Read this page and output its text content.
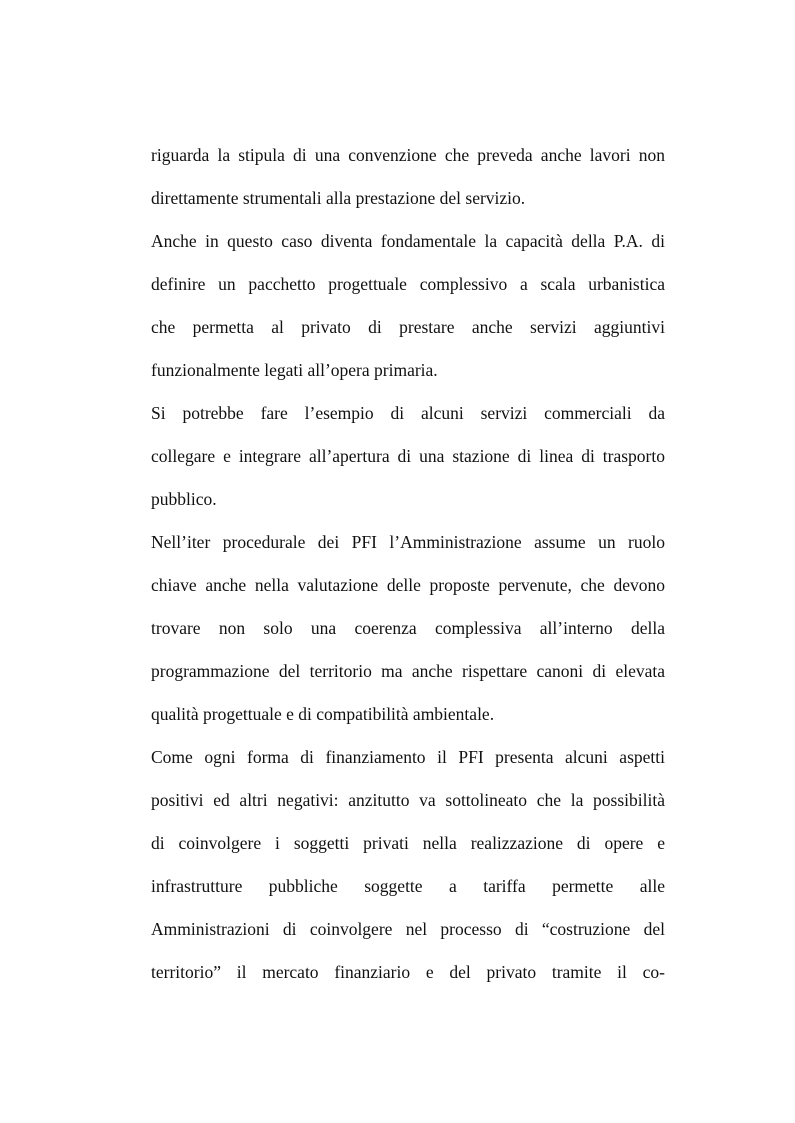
riguarda la stipula di una convenzione che preveda anche lavori non
direttamente strumentali alla prestazione del servizio.
Anche in questo caso diventa fondamentale la capacità della P.A. di
definire un pacchetto progettuale complessivo a scala urbanistica
che permetta al privato di prestare anche servizi aggiuntivi
funzionalmente legati all’opera primaria.
Si potrebbe fare l’esempio di alcuni servizi commerciali da
collegare e integrare all’apertura di una stazione di linea di trasporto
pubblico.
Nell’iter procedurale dei PFI l’Amministrazione assume un ruolo
chiave anche nella valutazione delle proposte pervenute, che devono
trovare non solo una coerenza complessiva all’interno della
programmazione del territorio ma anche rispettare canoni di elevata
qualità progettuale e di compatibilità ambientale.
Come ogni forma di finanziamento il PFI presenta alcuni aspetti
positivi ed altri negativi: anzitutto va sottolineato che la possibilità
di coinvolgere i soggetti privati nella realizzazione di opere e
infrastrutture pubbliche soggette a tariffa permette alle
Amministrazioni di coinvolgere nel processo di “costruzione del
territorio” il mercato finanziario e del privato tramite il co-
